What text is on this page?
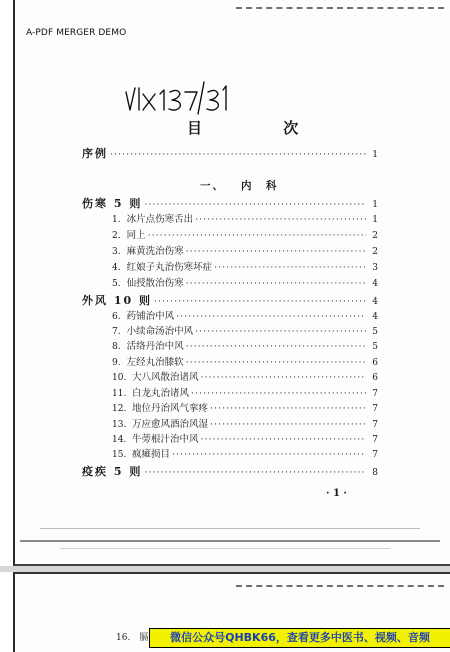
A-PDF MERGER DEMO
目 次
序例 ·····	1
一、 内　科
伤寒 5 则 ·····	1
1. 冰片点伤寒舌出 ·····	1
2. 同上 ·····	2
3. 麻黄洗治伤寒 ·····	2
4. 红娘子丸治伤寒坏症 ·····	3
5. 仙授散治伤寒 ·····	4
外风 10 则 ·····	4
6. 药铺治中风 ·····	4
7. 小续命汤治中风 ·····	5
8. 活络丹治中风 ·····	5
9. 左经丸治膝软 ·····	6
10. 大八风散治诸风 ·····	6
11. 白龙丸治诸风 ·····	7
12. 地位丹治风气挛疼 ·····	7
13. 万应愈风酒治风湿 ·····	7
14. 牛蒡根汁治中风 ·····	7
15. 疯瘫损目 ·····	7
疫疾 5 则 ·····	8
· 1 ·
16.　膈	微信公众号QHBK66，查看更多中医书、视频、音频
